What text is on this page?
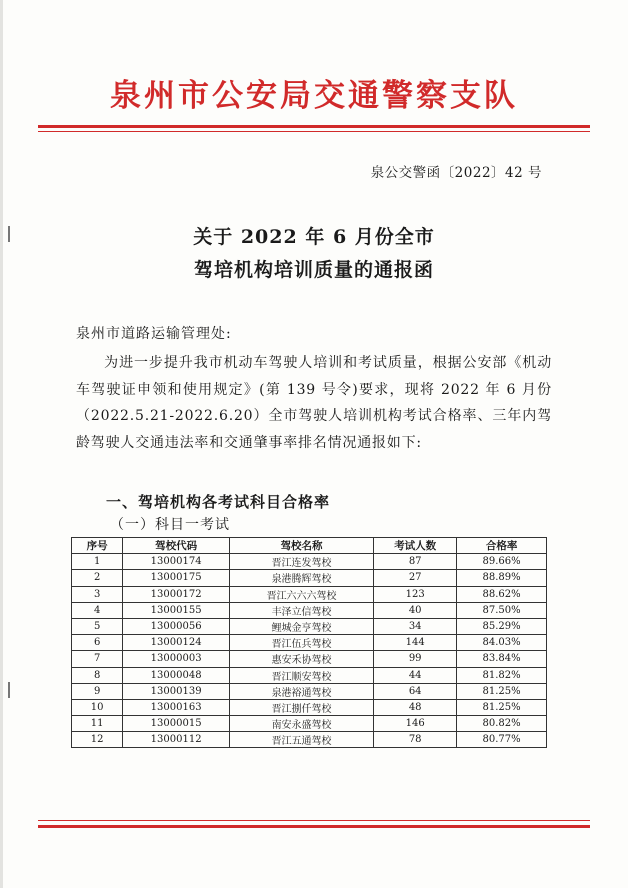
泉州市公安局交通警察支队
泉公交警函〔2022〕42 号
关于 2022 年 6 月份全市
驾培机构培训质量的通报函
泉州市道路运输管理处:
为进一步提升我市机动车驾驶人培训和考试质量，根据公安部《机动车驾驶证申领和使用规定》(第 139 号令)要求，现将 2022 年 6 月份（2022.5.21-2022.6.20）全市驾驶人培训机构考试合格率、三年内驾龄驾驶人交通违法率和交通肇事率排名情况通报如下:
一、驾培机构各考试科目合格率
（一）科目一考试
序号	驾校代码	驾校名称	考试人数	合格率
1	13000174	晋江连发驾校	87	89.66%
2	13000175	泉港腾辉驾校	27	88.89%
3	13000172	晋江六六六驾校	123	88.62%
4	13000155	丰泽立信驾校	40	87.50%
5	13000056	鲤城金亨驾校	34	85.29%
6	13000124	晋江伍兵驾校	144	84.03%
7	13000003	惠安禾协驾校	99	83.84%
8	13000048	晋江顺安驾校	44	81.82%
9	13000139	泉港裕通驾校	64	81.25%
10	13000163	晋江捌仟驾校	48	81.25%
11	13000015	南安永盛驾校	146	80.82%
12	13000112	晋江五通驾校	78	80.77%
